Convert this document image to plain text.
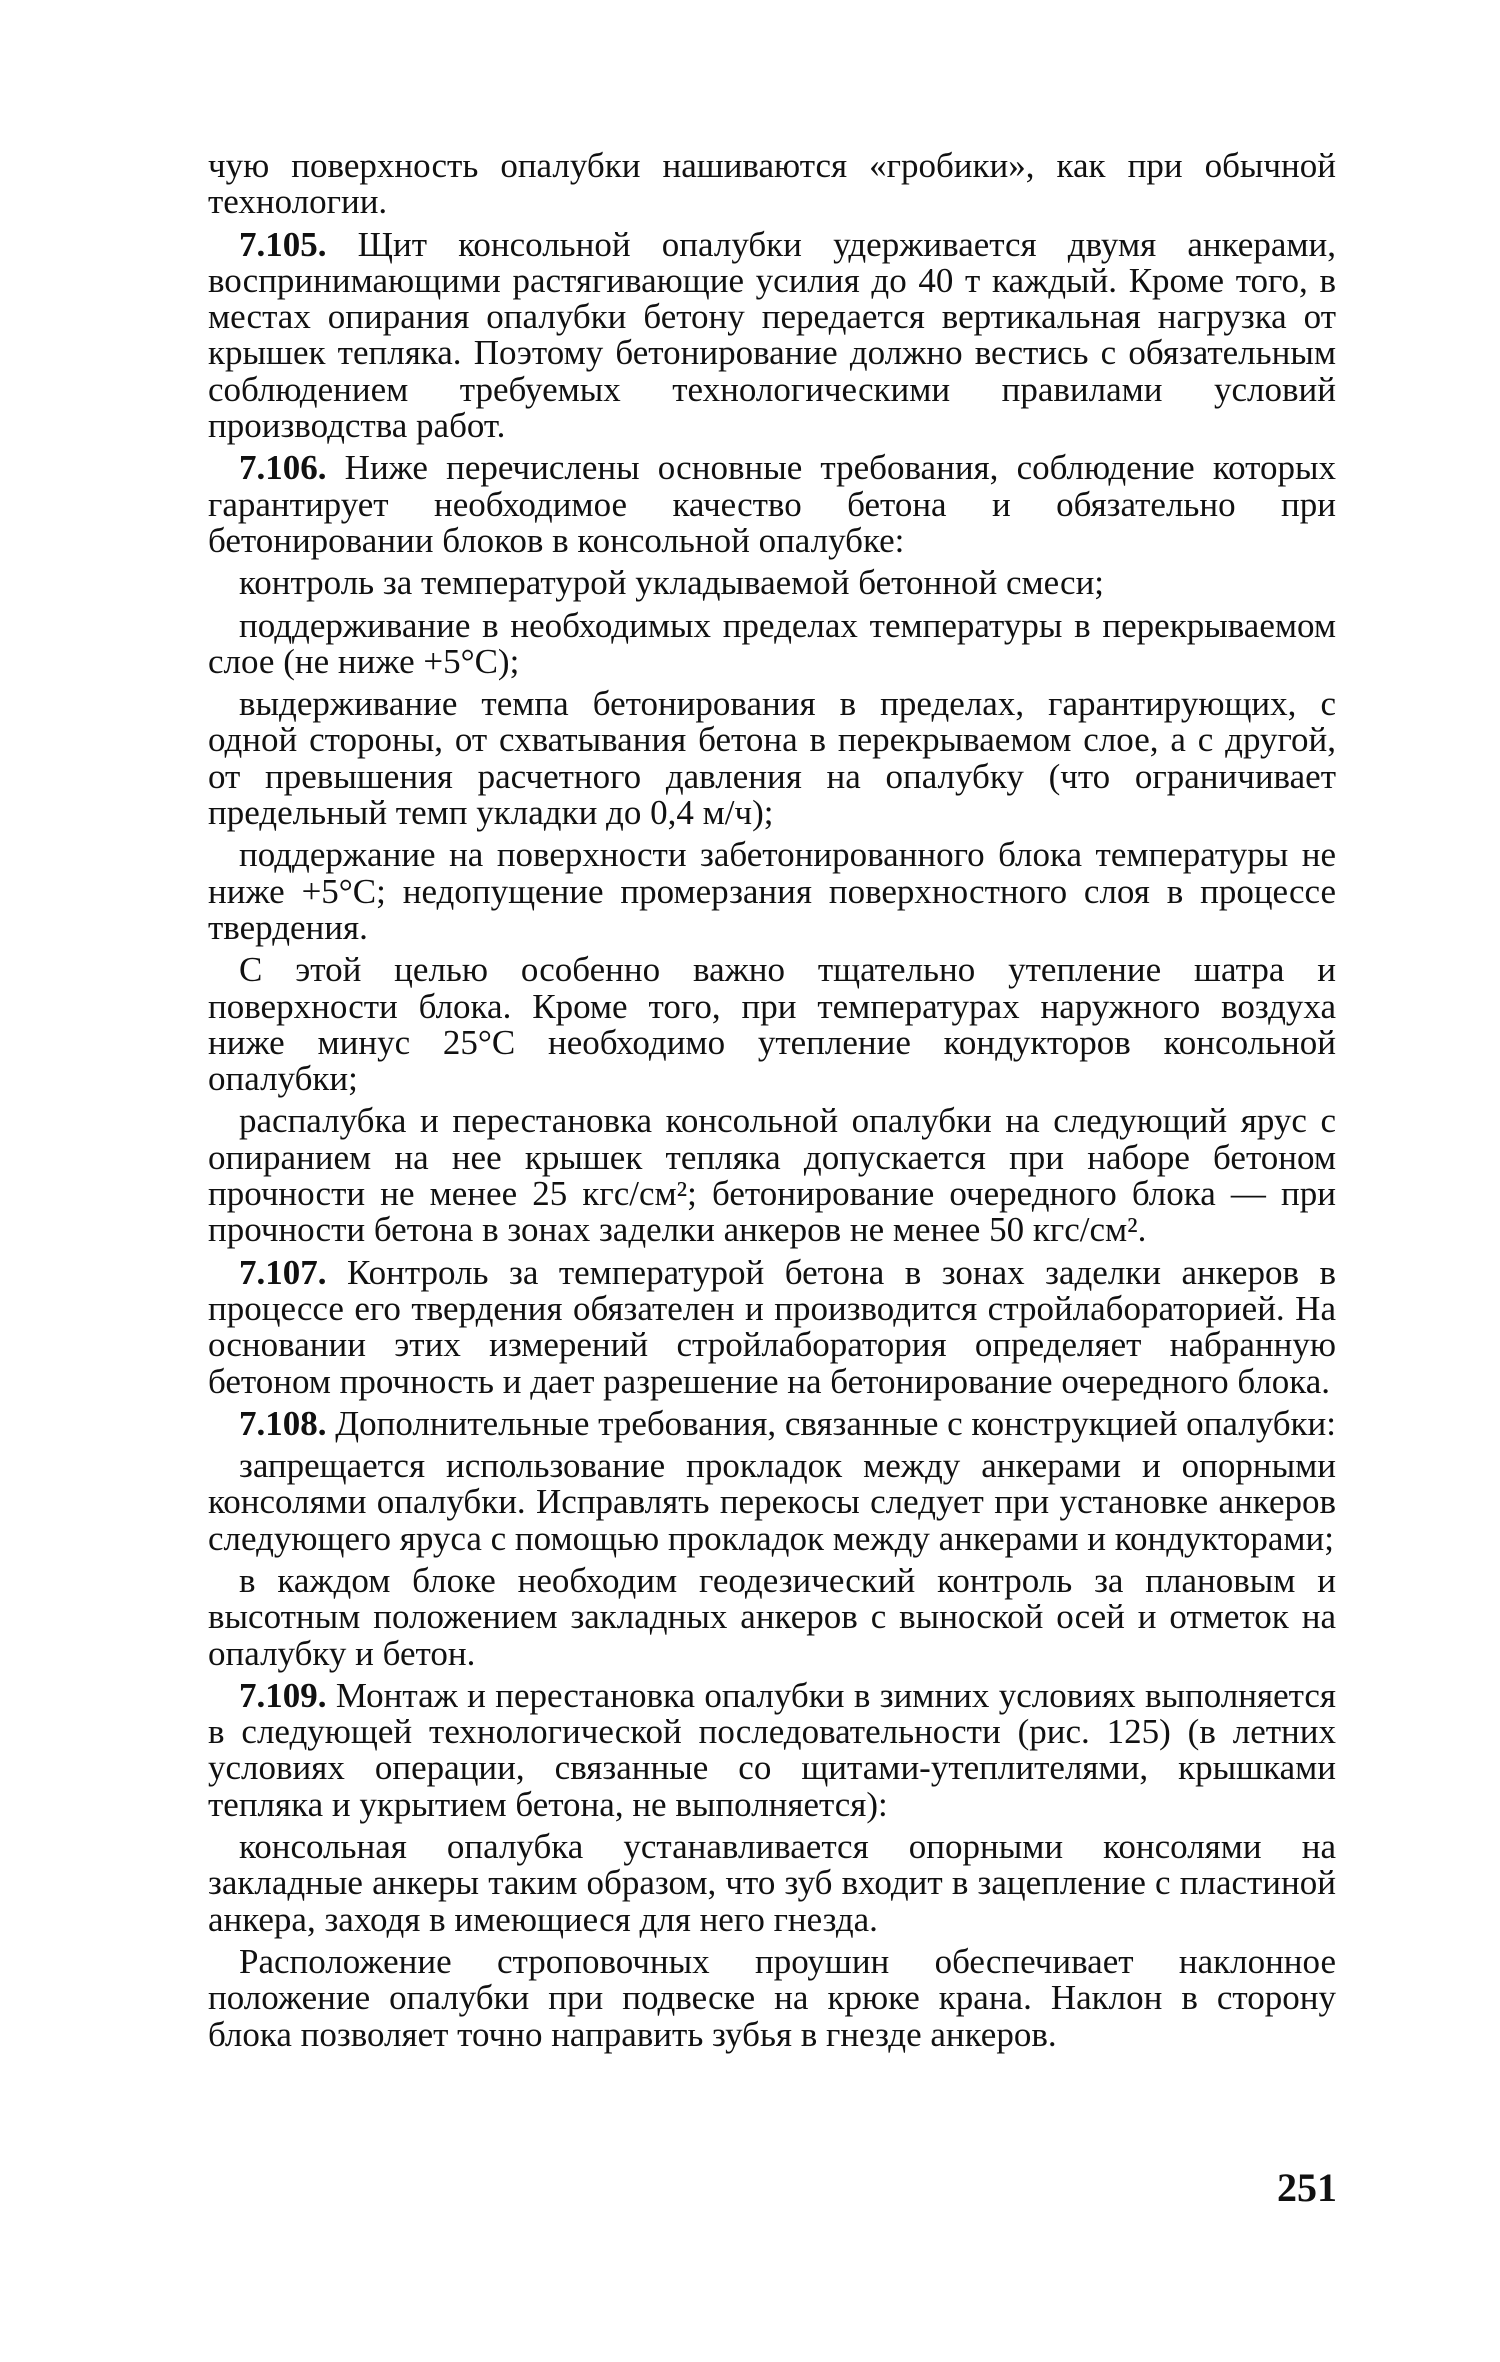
чую поверхность опалубки нашиваются «гробики», как при обычной технологии.

7.105. Щит консольной опалубки удерживается двумя анкерами, воспринимающими растягивающие усилия до 40 т каждый. Кроме того, в местах опирания опалубки бетону передается вертикальная нагрузка от крышек тепляка. Поэтому бетонирование должно вестись с обязательным соблюдением требуемых технологическими правилами условий производства работ.

7.106. Ниже перечислены основные требования, соблюдение которых гарантирует необходимое качество бетона и обязательно при бетонировании блоков в консольной опалубке:

контроль за температурой укладываемой бетонной смеси;

поддерживание в необходимых пределах температуры в перекрываемом слое (не ниже +5°С);

выдерживание темпа бетонирования в пределах, гарантирующих, с одной стороны, от схватывания бетона в перекрываемом слое, а с другой, от превышения расчетного давления на опалубку (что ограничивает предельный темп укладки до 0,4 м/ч);

поддержание на поверхности забетонированного блока температуры не ниже +5°С; недопущение промерзания поверхностного слоя в процессе твердения.

С этой целью особенно важно тщательно утепление шатра и поверхности блока. Кроме того, при температурах наружного воздуха ниже минус 25°С необходимо утепление кондукторов консольной опалубки;

распалубка и перестановка консольной опалубки на следующий ярус с опиранием на нее крышек тепляка допускается при наборе бетоном прочности не менее 25 кгс/см²; бетонирование очередного блока — при прочности бетона в зонах заделки анкеров не менее 50 кгс/см².

7.107. Контроль за температурой бетона в зонах заделки анкеров в процессе его твердения обязателен и производится стройлабораторией. На основании этих измерений стройлаборатория определяет набранную бетоном прочность и дает разрешение на бетонирование очередного блока.

7.108. Дополнительные требования, связанные с конструкцией опалубки:

запрещается использование прокладок между анкерами и опорными консолями опалубки. Исправлять перекосы следует при установке анкеров следующего яруса с помощью прокладок между анкерами и кондукторами;

в каждом блоке необходим геодезический контроль за плановым и высотным положением закладных анкеров с выноской осей и отметок на опалубку и бетон.

7.109. Монтаж и перестановка опалубки в зимних условиях выполняется в следующей технологической последовательности (рис. 125) (в летних условиях операции, связанные со щитами-утеплителями, крышками тепляка и укрытием бетона, не выполняется):

консольная опалубка устанавливается опорными консолями на закладные анкеры таким образом, что зуб входит в зацепление с пластиной анкера, заходя в имеющиеся для него гнезда.

Расположение строповочных проушин обеспечивает наклонное положение опалубки при подвеске на крюке крана. Наклон в сторону блока позволяет точно направить зубья в гнезде анкеров.

251
